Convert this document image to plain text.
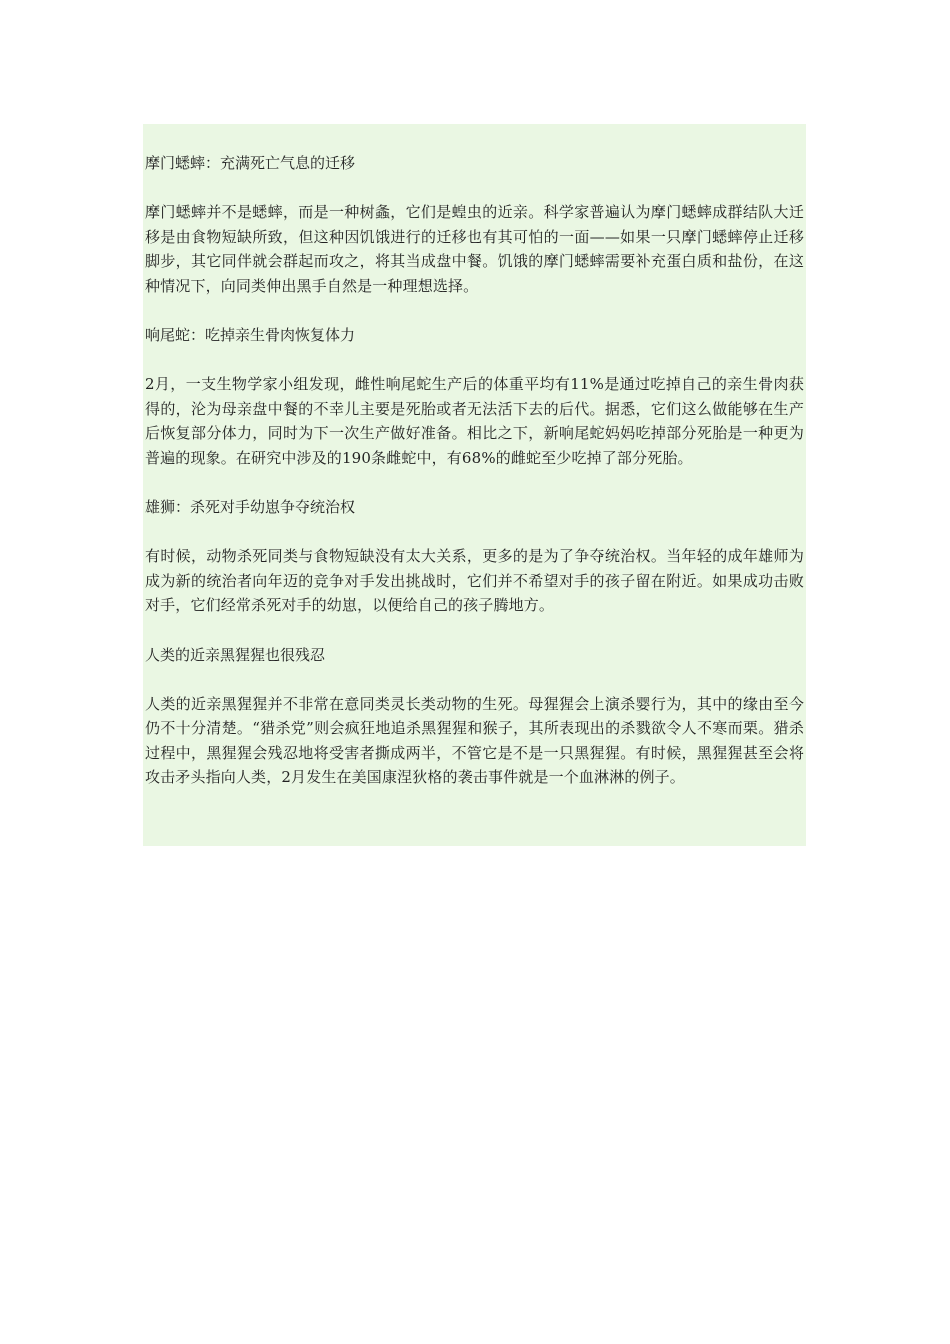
摩门蟋蟀：充满死亡气息的迁移
摩门蟋蟀并不是蟋蟀，而是一种树螽，它们是蝗虫的近亲。科学家普遍认为摩门蟋蟀成群结队大迁移是由食物短缺所致，但这种因饥饿进行的迁移也有其可怕的一面——如果一只摩门蟋蟀停止迁移脚步，其它同伴就会群起而攻之，将其当成盘中餐。饥饿的摩门蟋蟀需要补充蛋白质和盐份，在这种情况下，向同类伸出黑手自然是一种理想选择。
响尾蛇：吃掉亲生骨肉恢复体力
2月，一支生物学家小组发现，雌性响尾蛇生产后的体重平均有11%是通过吃掉自己的亲生骨肉获得的，沦为母亲盘中餐的不幸儿主要是死胎或者无法活下去的后代。据悉，它们这么做能够在生产后恢复部分体力，同时为下一次生产做好准备。相比之下，新响尾蛇妈妈吃掉部分死胎是一种更为普遍的现象。在研究中涉及的190条雌蛇中，有68%的雌蛇至少吃掉了部分死胎。
雄狮：杀死对手幼崽争夺统治权
有时候，动物杀死同类与食物短缺没有太大关系，更多的是为了争夺统治权。当年轻的成年雄师为成为新的统治者向年迈的竞争对手发出挑战时，它们并不希望对手的孩子留在附近。如果成功击败对手，它们经常杀死对手的幼崽，以便给自己的孩子腾地方。
人类的近亲黑猩猩也很残忍
人类的近亲黑猩猩并不非常在意同类灵长类动物的生死。母猩猩会上演杀婴行为，其中的缘由至今仍不十分清楚。“猎杀党”则会疯狂地追杀黑猩猩和猴子，其所表现出的杀戮欲令人不寒而栗。猎杀过程中，黑猩猩会残忍地将受害者撕成两半，不管它是不是一只黑猩猩。有时候，黑猩猩甚至会将攻击矛头指向人类，2月发生在美国康涅狄格的袭击事件就是一个血淋淋的例子。
